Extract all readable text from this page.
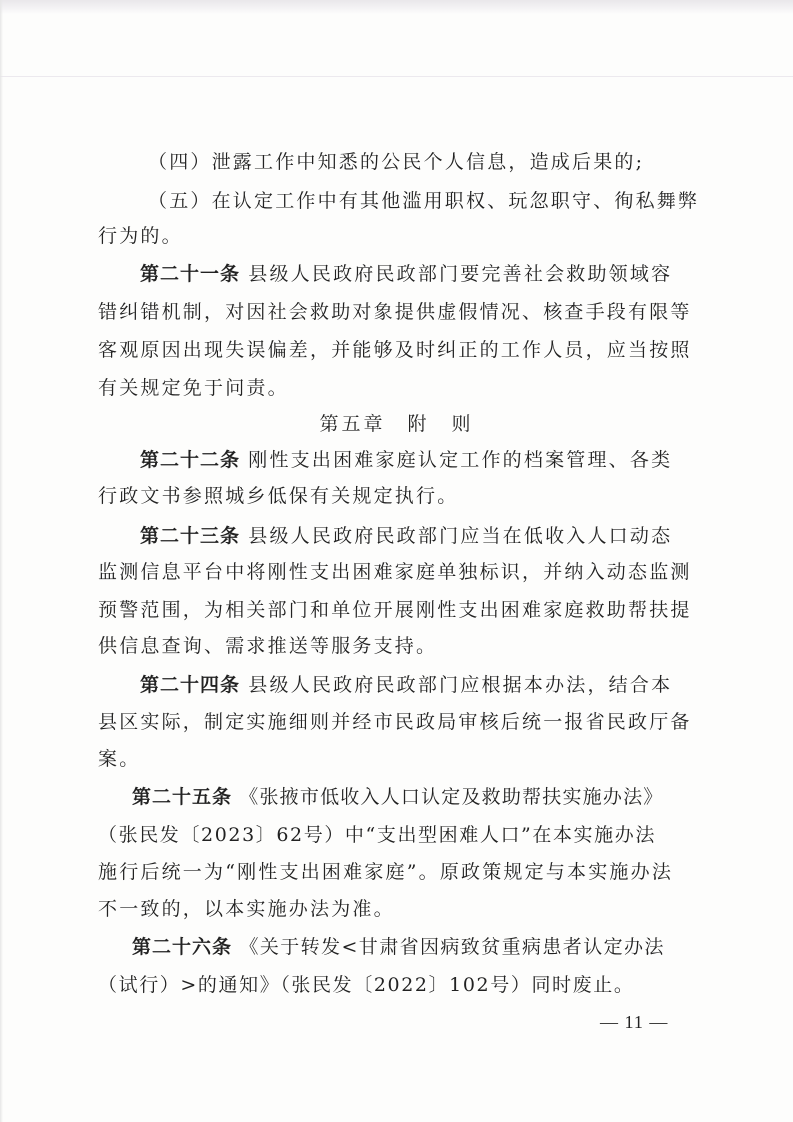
（四）泄露工作中知悉的公民个人信息，造成后果的;
（五）在认定工作中有其他滥用职权、玩忽职守、徇私舞弊
行为的。
第二十一条 县级人民政府民政部门要完善社会救助领域容
错纠错机制，对因社会救助对象提供虚假情况、核查手段有限等
客观原因出现失误偏差，并能够及时纠正的工作人员，应当按照
有关规定免于问责。
第五章　附　则
第二十二条 刚性支出困难家庭认定工作的档案管理、各类
行政文书参照城乡低保有关规定执行。
第二十三条 县级人民政府民政部门应当在低收入人口动态
监测信息平台中将刚性支出困难家庭单独标识，并纳入动态监测
预警范围，为相关部门和单位开展刚性支出困难家庭救助帮扶提
供信息查询、需求推送等服务支持。
第二十四条 县级人民政府民政部门应根据本办法，结合本
县区实际，制定实施细则并经市民政局审核后统一报省民政厅备
案。
第二十五条 《张掖市低收入人口认定及救助帮扶实施办法》
（张民发〔2023〕62号）中“支出型困难人口”在本实施办法
施行后统一为“刚性支出困难家庭”。原政策规定与本实施办法
不一致的，以本实施办法为准。
第二十六条 《关于转发<甘肃省因病致贫重病患者认定办法
（试行）>的通知》（张民发〔2022〕102号）同时废止。
— 11 —
